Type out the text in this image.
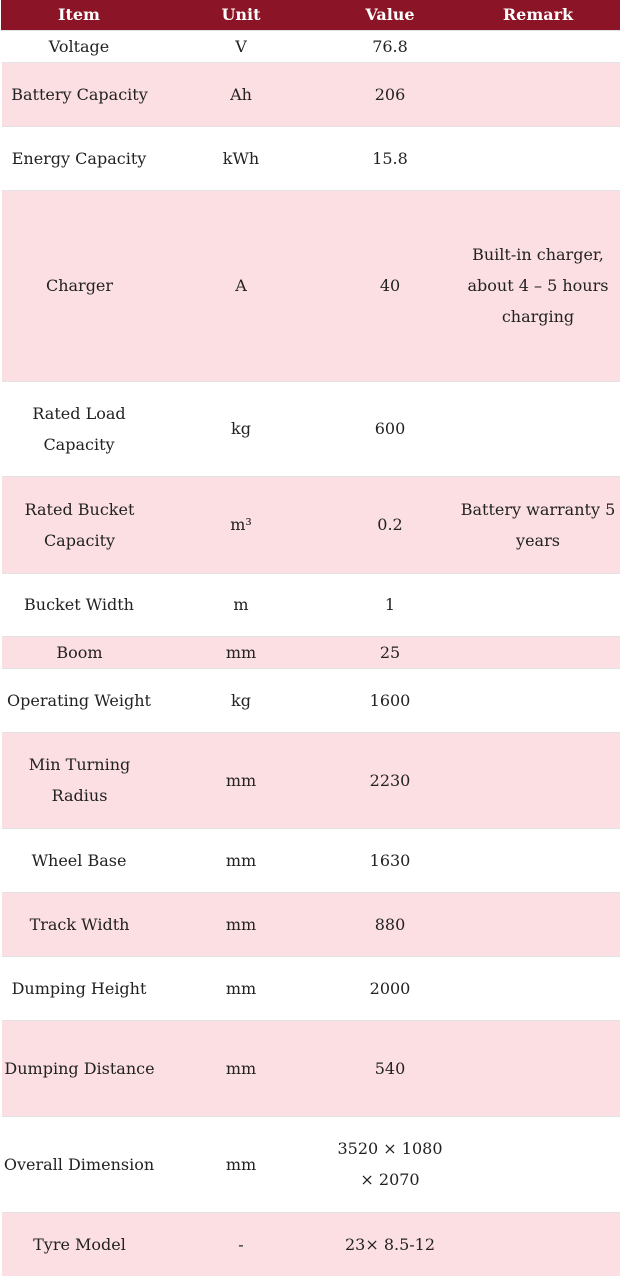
Item	Unit	Value	Remark
Voltage	V	76.8	
Battery Capacity	Ah	206	
Energy Capacity	kWh	15.8	
Charger	A	40	Built-in charger, about 4 – 5 hours charging
Rated Load Capacity	kg	600	
Rated Bucket Capacity	m³	0.2	Battery warranty 5 years
Bucket Width	m	1	
Boom	mm	25	
Operating Weight	kg	1600	
Min Turning Radius	mm	2230	
Wheel Base	mm	1630	
Track Width	mm	880	
Dumping Height	mm	2000	
Dumping Distance	mm	540	
Overall Dimension	mm	3520 × 1080 × 2070	
Tyre Model	-	23× 8.5-12	
